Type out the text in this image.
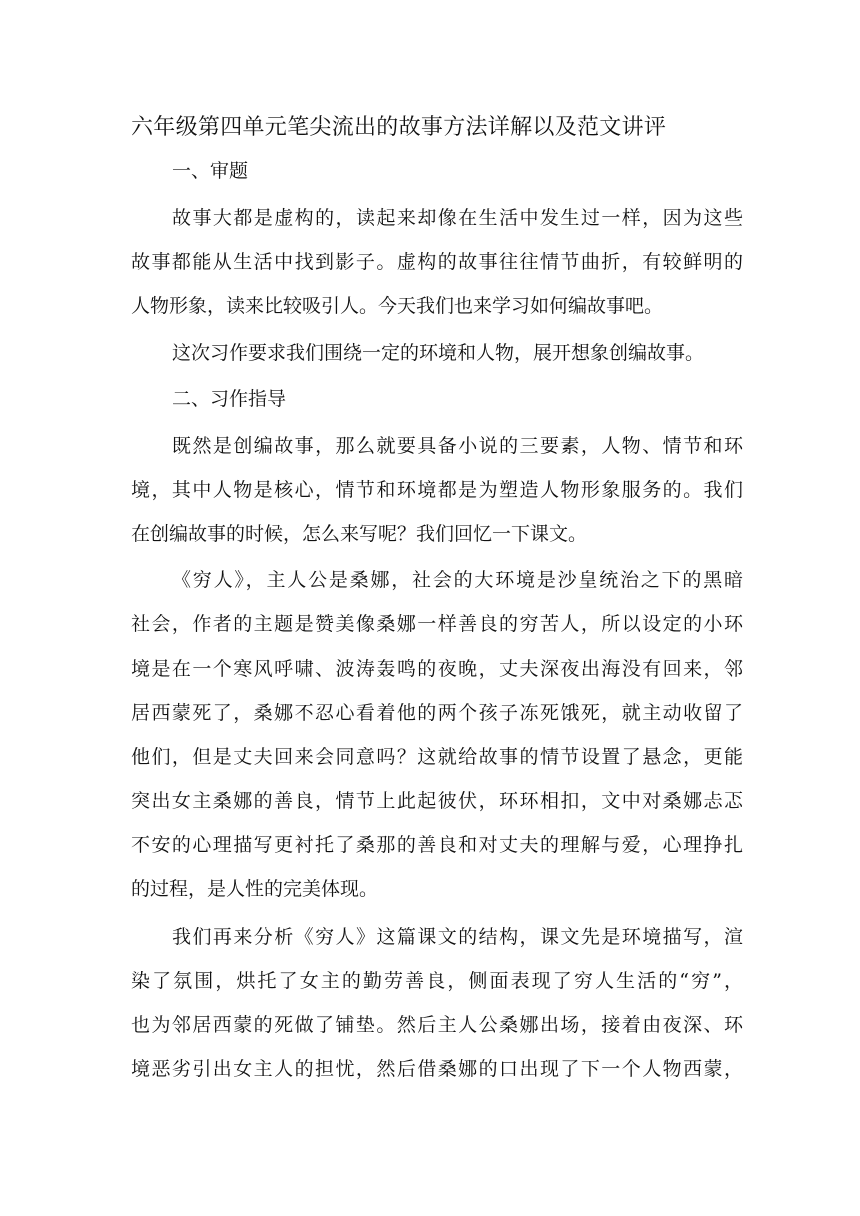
六年级第四单元笔尖流出的故事方法详解以及范文讲评

一、审题

故事大都是虚构的，读起来却像在生活中发生过一样，因为这些

故事都能从生活中找到影子。虚构的故事往往情节曲折，有较鲜明的

人物形象，读来比较吸引人。今天我们也来学习如何编故事吧。

这次习作要求我们围绕一定的环境和人物，展开想象创编故事。

二、习作指导

既然是创编故事，那么就要具备小说的三要素，人物、情节和环

境，其中人物是核心，情节和环境都是为塑造人物形象服务的。我们

在创编故事的时候，怎么来写呢？我们回忆一下课文。

《穷人》，主人公是桑娜，社会的大环境是沙皇统治之下的黑暗

社会，作者的主题是赞美像桑娜一样善良的穷苦人，所以设定的小环

境是在一个寒风呼啸、波涛轰鸣的夜晚，丈夫深夜出海没有回来，邻

居西蒙死了，桑娜不忍心看着他的两个孩子冻死饿死，就主动收留了

他们，但是丈夫回来会同意吗？这就给故事的情节设置了悬念，更能

突出女主桑娜的善良，情节上此起彼伏，环环相扣，文中对桑娜忐忑

不安的心理描写更衬托了桑那的善良和对丈夫的理解与爱，心理挣扎

的过程，是人性的完美体现。

我们再来分析《穷人》这篇课文的结构，课文先是环境描写，渲

染了氛围，烘托了女主的勤劳善良，侧面表现了穷人生活的“穷”，

也为邻居西蒙的死做了铺垫。然后主人公桑娜出场，接着由夜深、环

境恶劣引出女主人的担忧，然后借桑娜的口出现了下一个人物西蒙，
